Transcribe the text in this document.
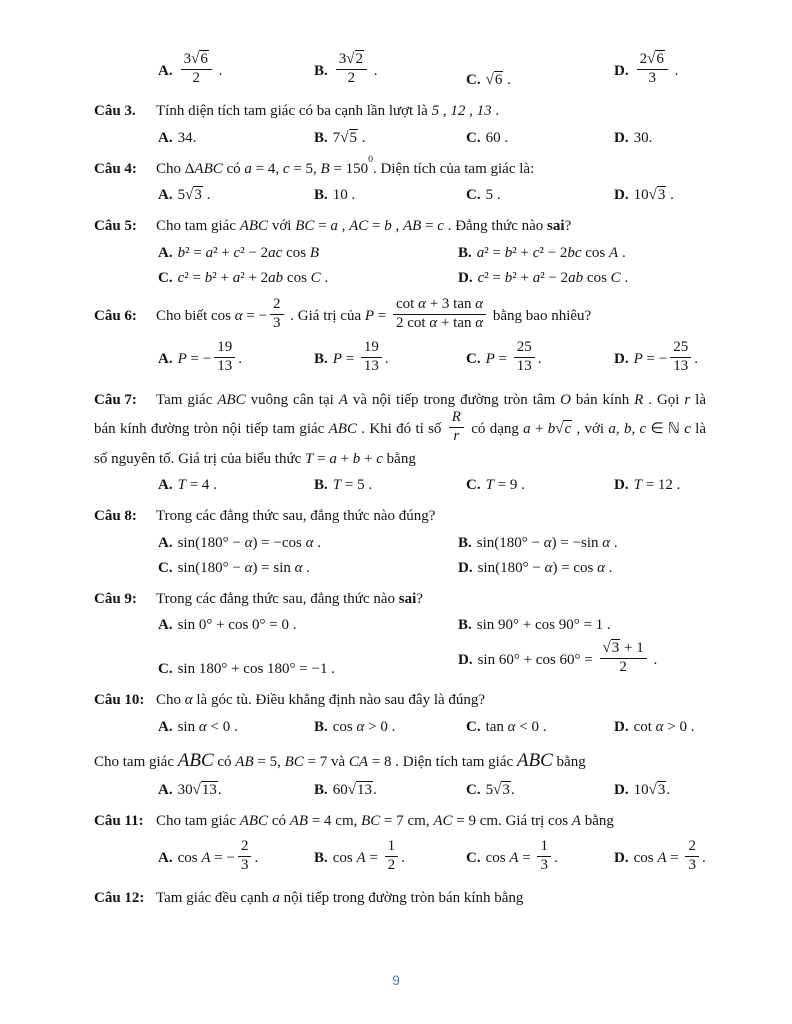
A. $\frac{3√6}{2}$ .	B. $\frac{3√2}{2}$ .
C. √6 .
D. $\frac{2√6}{3}$ .
Câu 3. Tính diện tích tam giác có ba cạnh lần lượt là 5 , 12 , 13 .
A. 34.	B. 7√5 .	C. 60 .	D. 30.
Câu 4: Cho ΔABC có a = 4, c = 5, $B = 150^0$. Diện tích của tam giác là:
A. 5√3 .	B. 10 .	C. 5 .	D. 10√3 .
Câu 5: Cho tam giác ABC với BC = a , AC = b , AB = c . Đẳng thức nào sai?
A. b² = a² + c² − 2ac cos B	B. a² = b² + c² − 2bc cos A .
C. c² = b² + a² + 2ab cos C .	D. c² = b² + a² − 2ab cos C .
Câu 6: Cho biết cos α = − $\frac{2}{3}$ . Giá trị của $P = \frac{\text{cot α + 3 tan α}}{\text{2 cot α + tan α}}$ bằng bao nhiêu?
A. P = − $\frac{19}{13}$ .	B. $P = \frac{19}{13}$ .	C. $P = \frac{25}{13}$ .	D. P = − $\frac{25}{13}$ .
Câu 7: Tam giác ABC vuông cân tại A và nội tiếp trong đường tròn tâm O bán kính R . Gọi r là bán kính đường tròn nội tiếp tam giác ABC . Khi đó tỉ số $\frac{R}{r}$ có dạng a + b√c , với a, b, c ∈ ℕ c là số nguyên tố. Giá trị của biểu thức T = a + b + c bằng
A. T = 4 .	B. T = 5 .	C. T = 9 .	D. T = 12 .
Câu 8: Trong các đẳng thức sau, đẳng thức nào đúng?
A. sin(180° − α) = −cos α .	B. sin(180° − α) = −sin α .
C. sin(180° − α) = sin α .	D. sin(180° − α) = cos α .
Câu 9: Trong các đẳng thức sau, đẳng thức nào sai?
A. sin 0° + cos 0° = 0 .	B. sin 90° + cos 90° = 1 .
C. sin 180° + cos 180° = −1 .
D. $\sin 60^\circ + \cos 60^\circ = \frac{√3 + 1}{2}$ .
Câu 10: Cho α là góc tù. Điều khẳng định nào sau đây là đúng?
A. sin α < 0 .	B. cos α > 0 .	C. tan α < 0 .	D. cot α > 0 .
Cho tam giác ABC có AB = 5, BC = 7 và CA = 8 . Diện tích tam giác ABC bằng
A. 30√13.	B. 60√13.	C. 5√3.	D. 10√3.
Câu 11: Cho tam giác ABC có AB = 4 cm, BC = 7 cm, AC = 9 cm. Giá trị cos A bằng
A. cos A = − $\frac{2}{3}$ .	B. $\cos A = \frac{1}{2}$ .	C. $\cos A = \frac{1}{3}$ .	D. $\cos A = \frac{2}{3}$ .
Câu 12: Tam giác đều cạnh a nội tiếp trong đường tròn bán kính bằng
9
